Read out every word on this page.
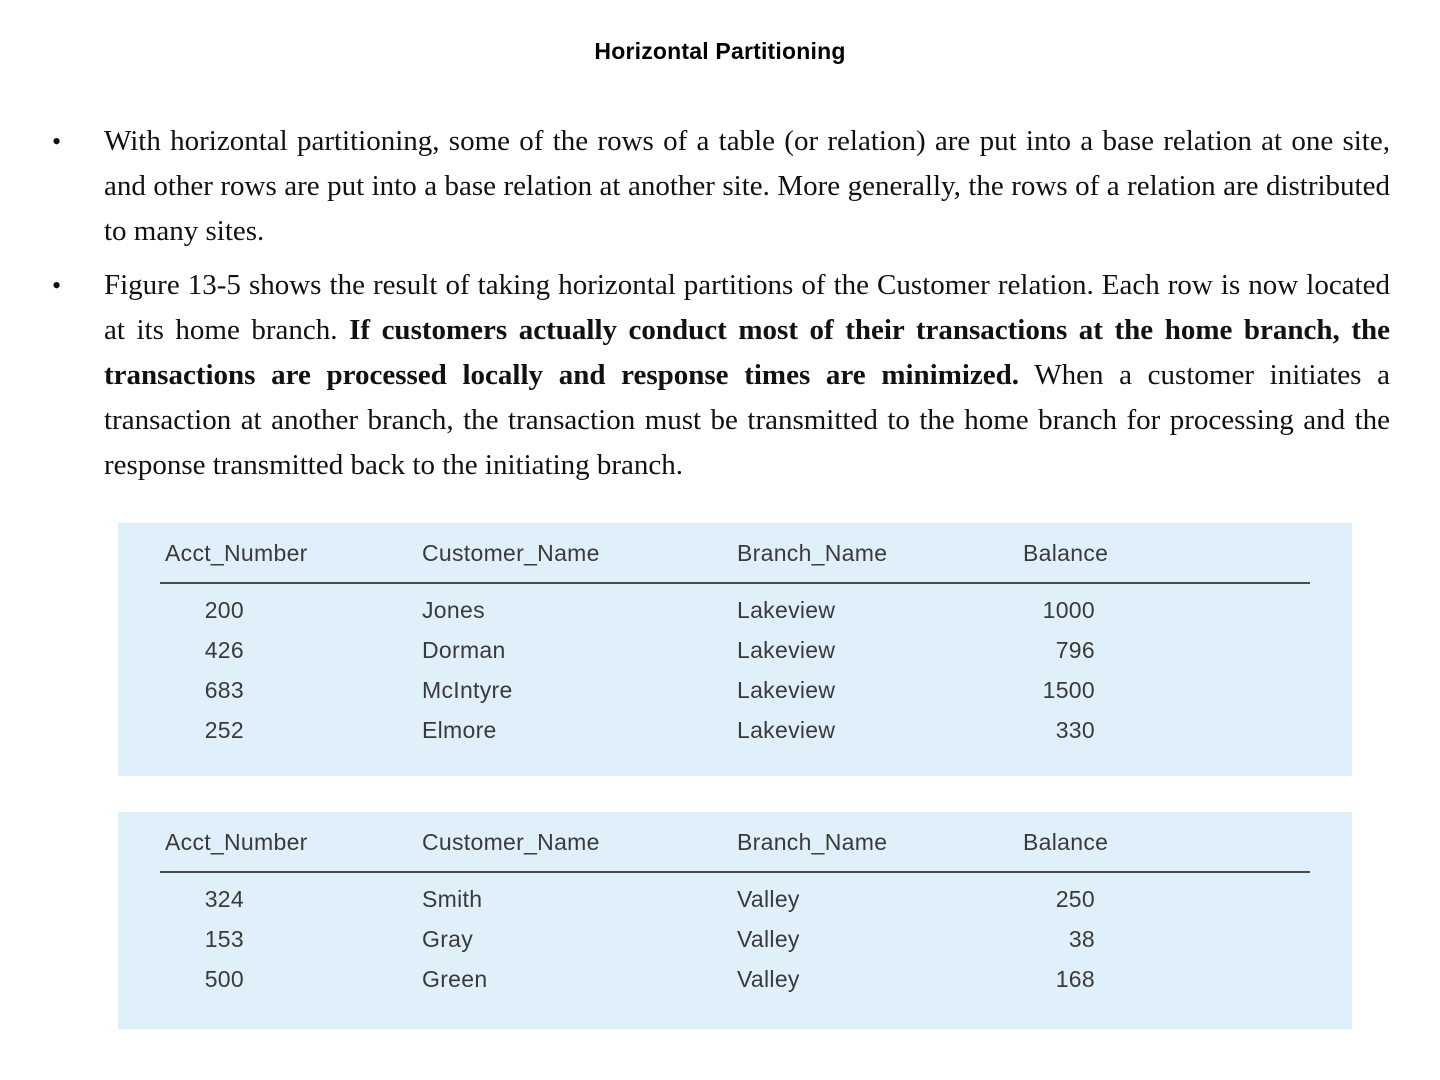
Horizontal Partitioning
•	With horizontal partitioning, some of the rows of a table (or relation) are put into a base relation at one site, and other rows are put into a base relation at another site. More generally, the rows of a relation are distributed to many sites.

•	Figure 13-5 shows the result of taking horizontal partitions of the Customer relation. Each row is now located at its home branch. If customers actually conduct most of their transactions at the home branch, the transactions are processed locally and response times are minimized. When a customer initiates a transaction at another branch, the transaction must be transmitted to the home branch for processing and the response transmitted back to the initiating branch.

Acct_Number	Customer_Name	Branch_Name	Balance
200	Jones	Lakeview	1000
426	Dorman	Lakeview	796
683	McIntyre	Lakeview	1500
252	Elmore	Lakeview	330
Acct_Number	Customer_Name	Branch_Name	Balance
324	Smith	Valley	250
153	Gray	Valley	38
500	Green	Valley	168
